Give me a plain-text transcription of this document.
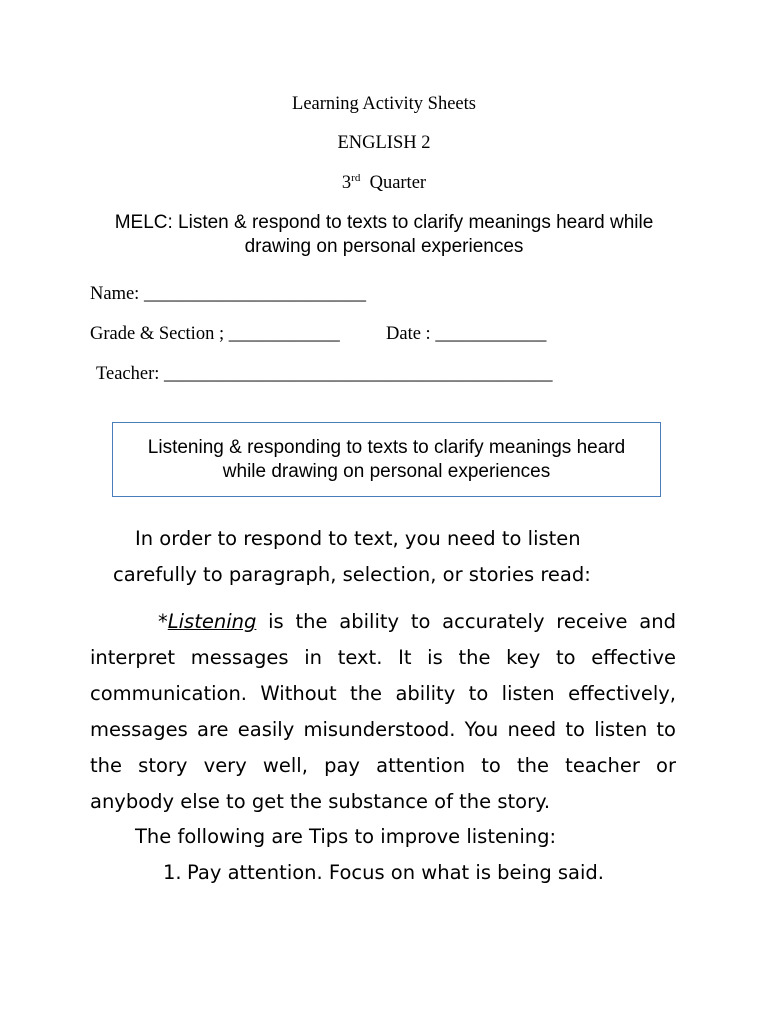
Learning Activity Sheets
ENGLISH 2
3rd Quarter
MELC: Listen & respond to texts to clarify meanings heard while drawing on personal experiences
Name: ________________________
Grade & Section ; ____________	Date : ____________
Teacher: __________________________________________
Listening & responding to texts to clarify meanings heard while drawing on personal experiences
In order to respond to text, you need to listen
carefully to paragraph, selection, or stories read:
*Listening is the ability to accurately receive and interpret messages in text. It is the key to effective communication. Without the ability to listen effectively, messages are easily misunderstood. You need to listen to the story very well, pay attention to the teacher or anybody else to get the substance of the story.
The following are Tips to improve listening:
1. Pay attention. Focus on what is being said.
